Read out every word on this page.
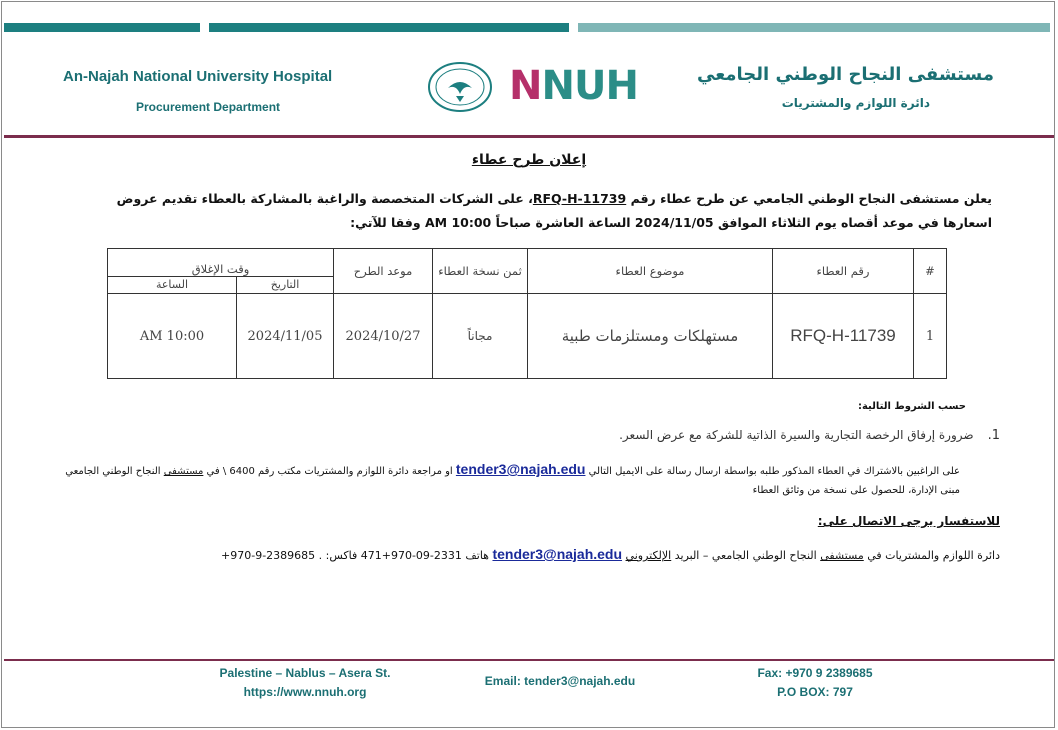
An-Najah National University Hospital
Procurement Department	NNUH	مستشفى النجاح الوطني الجامعي
دائرة اللوازم والمشتريات
إعلان طرح عطاء
يعلن مستشفى النجاح الوطني الجامعي عن طرح عطاء رقم RFQ-H-11739، على الشركات المتخصصة والراغبة بالمشاركة بالعطاء تقديم عروض اسعارها في موعد أقصاه يوم الثلاثاء الموافق 2024/11/05 الساعة العاشرة صباحاً AM 10:00 وفقا للآتي:
#	رقم العطاء	موضوع العطاء	ثمن نسخة العطاء	موعد الطرح	وقت الإغلاق	
					التاريخ	الساعة
1	RFQ-H-11739	مستهلكات ومستلزمات طبية	مجاناً	2024/10/27	2024/11/05	AM 10:00
حسب الشروط التالية:
1.ضرورة إرفاق الرخصة التجارية والسيرة الذاتية للشركة مع عرض السعر.
على الراغبين بالاشتراك في العطاء المذكور طلبه بواسطة ارسال رسالة على الايميل التالي tender3@najah.edu او مراجعة دائرة اللوازم والمشتريات مكتب رقم 6400 \ في مستشفى النجاح الوطني الجامعي مبنى الإدارة، للحصول على نسخة من وثائق العطاء
للاستفسار يرجى الاتصال على:
دائرة اللوازم والمشتريات في مستشفى النجاح الوطني الجامعي – البريد الإلكتروني tender3@najah.edu هاتف 471+970-09-2331 فاكس: +970-9-2389685 .
Palestine – Nablus – Asera St.
https://www.nnuh.org
Email: tender3@najah.edu
Fax: +970 9 2389685
P.O BOX: 797
